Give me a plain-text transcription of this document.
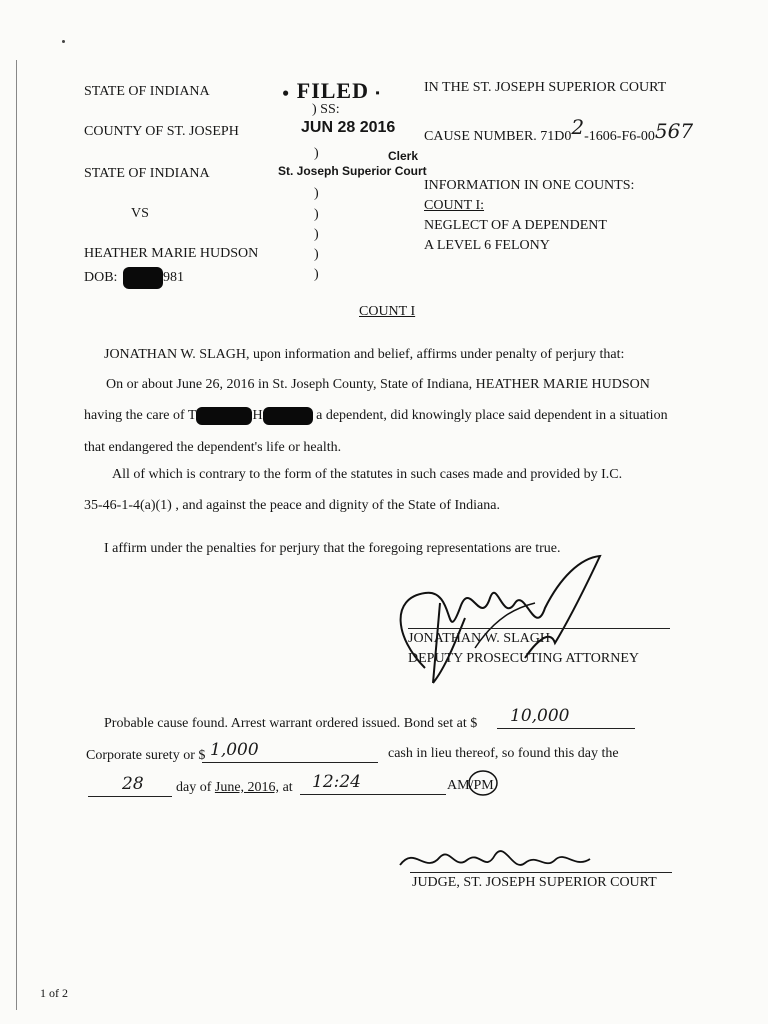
STATE OF INDIANA
COUNTY OF ST. JOSEPH
STATE OF INDIANA
VS
HEATHER MARIE HUDSON
DOB:	981
) SS:
)
)
)
)
)
)
● FILED ▪
JUN 28 2016
Clerk
St. Joseph Superior Court
IN THE ST. JOSEPH SUPERIOR COURT
CAUSE NUMBER. 71D02-1606-F6-00567
INFORMATION IN ONE COUNTS:
COUNT I:
NEGLECT OF A DEPENDENT
A LEVEL 6 FELONY
COUNT I
JONATHAN W. SLAGH, upon information and belief, affirms under penalty of perjury that:
On or about June 26, 2016 in St. Joseph County, State of Indiana, HEATHER MARIE HUDSON
having the care of T	H	a dependent, did knowingly place said dependent in a situation
that endangered the dependent's life or health.
All of which is contrary to the form of the statutes in such cases made and provided by I.C.
35-46-1-4(a)(1) , and against the peace and dignity of the State of Indiana.
I affirm under the penalties for perjury that the foregoing representations are true.
JONATHAN W. SLAGH
DEPUTY PROSECUTING ATTORNEY
Probable cause found. Arrest warrant ordered issued. Bond set at $ 10,000
Corporate surety or $ 1,000	cash in lieu thereof, so found this day the
28 day of June, 2016, at 12:24	AM/PM
JUDGE, ST. JOSEPH SUPERIOR COURT
1 of 2
